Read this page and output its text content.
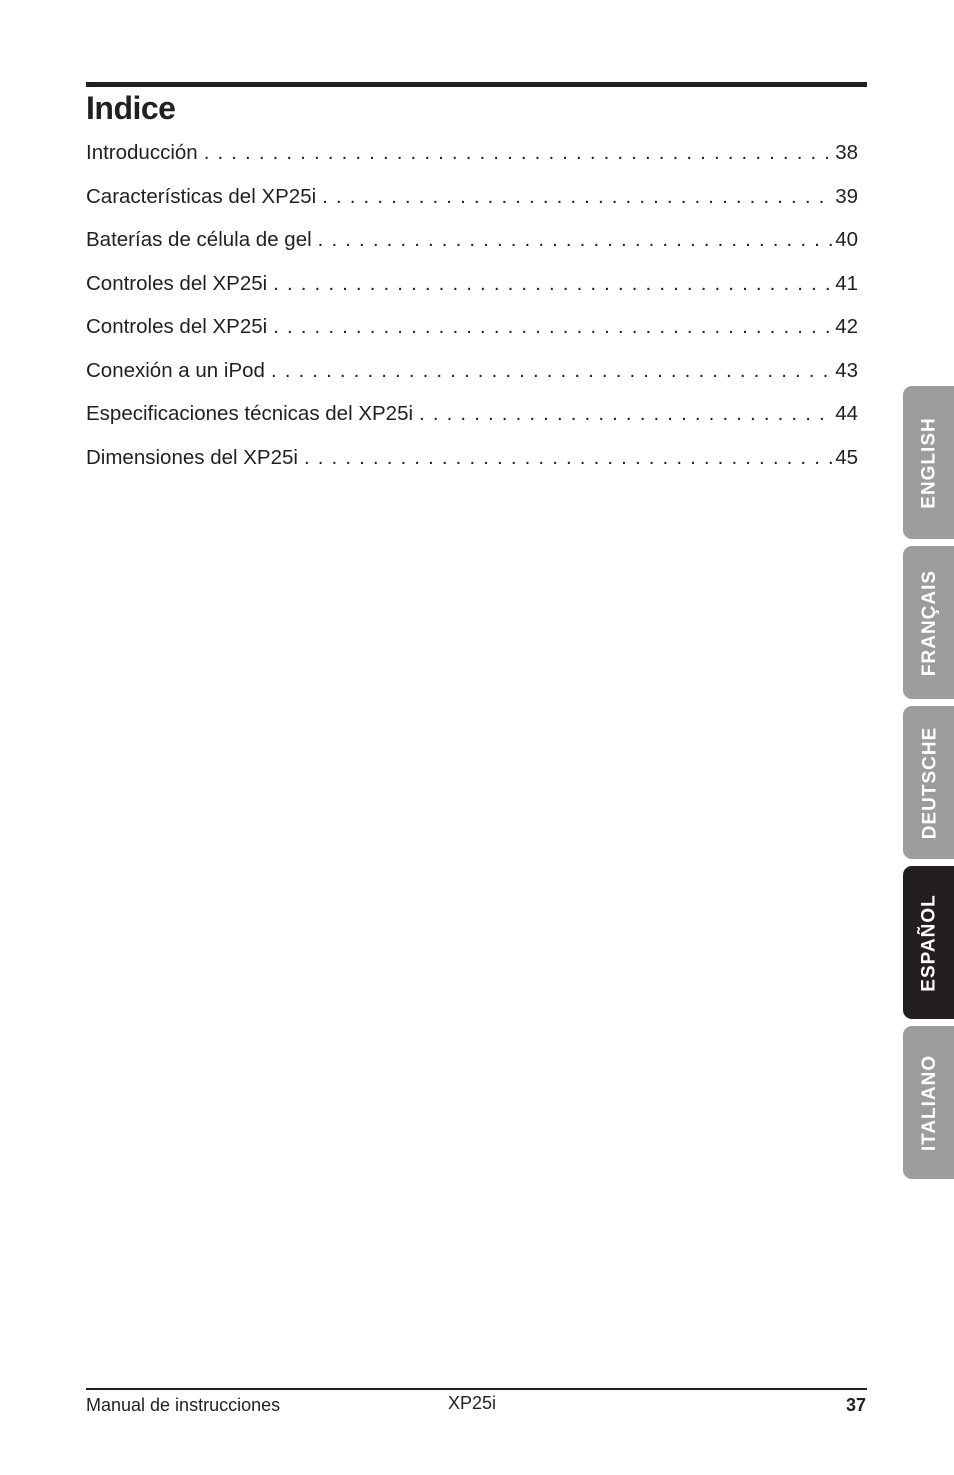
Indice
Introducción . . .	38
Características del XP25i . . .	39
Baterías de célula de gel . . .	40
Controles del XP25i . . .	41
Controles del XP25i . . .	42
Conexión a un iPod . . .	43
Especificaciones técnicas del XP25i . . .	44
Dimensiones del XP25i . . .	45	ENGLISH
FRANÇAIS
DEUTSCHE
ESPAÑOL
ITALIANO
Manual de instrucciones	XP25i	37
